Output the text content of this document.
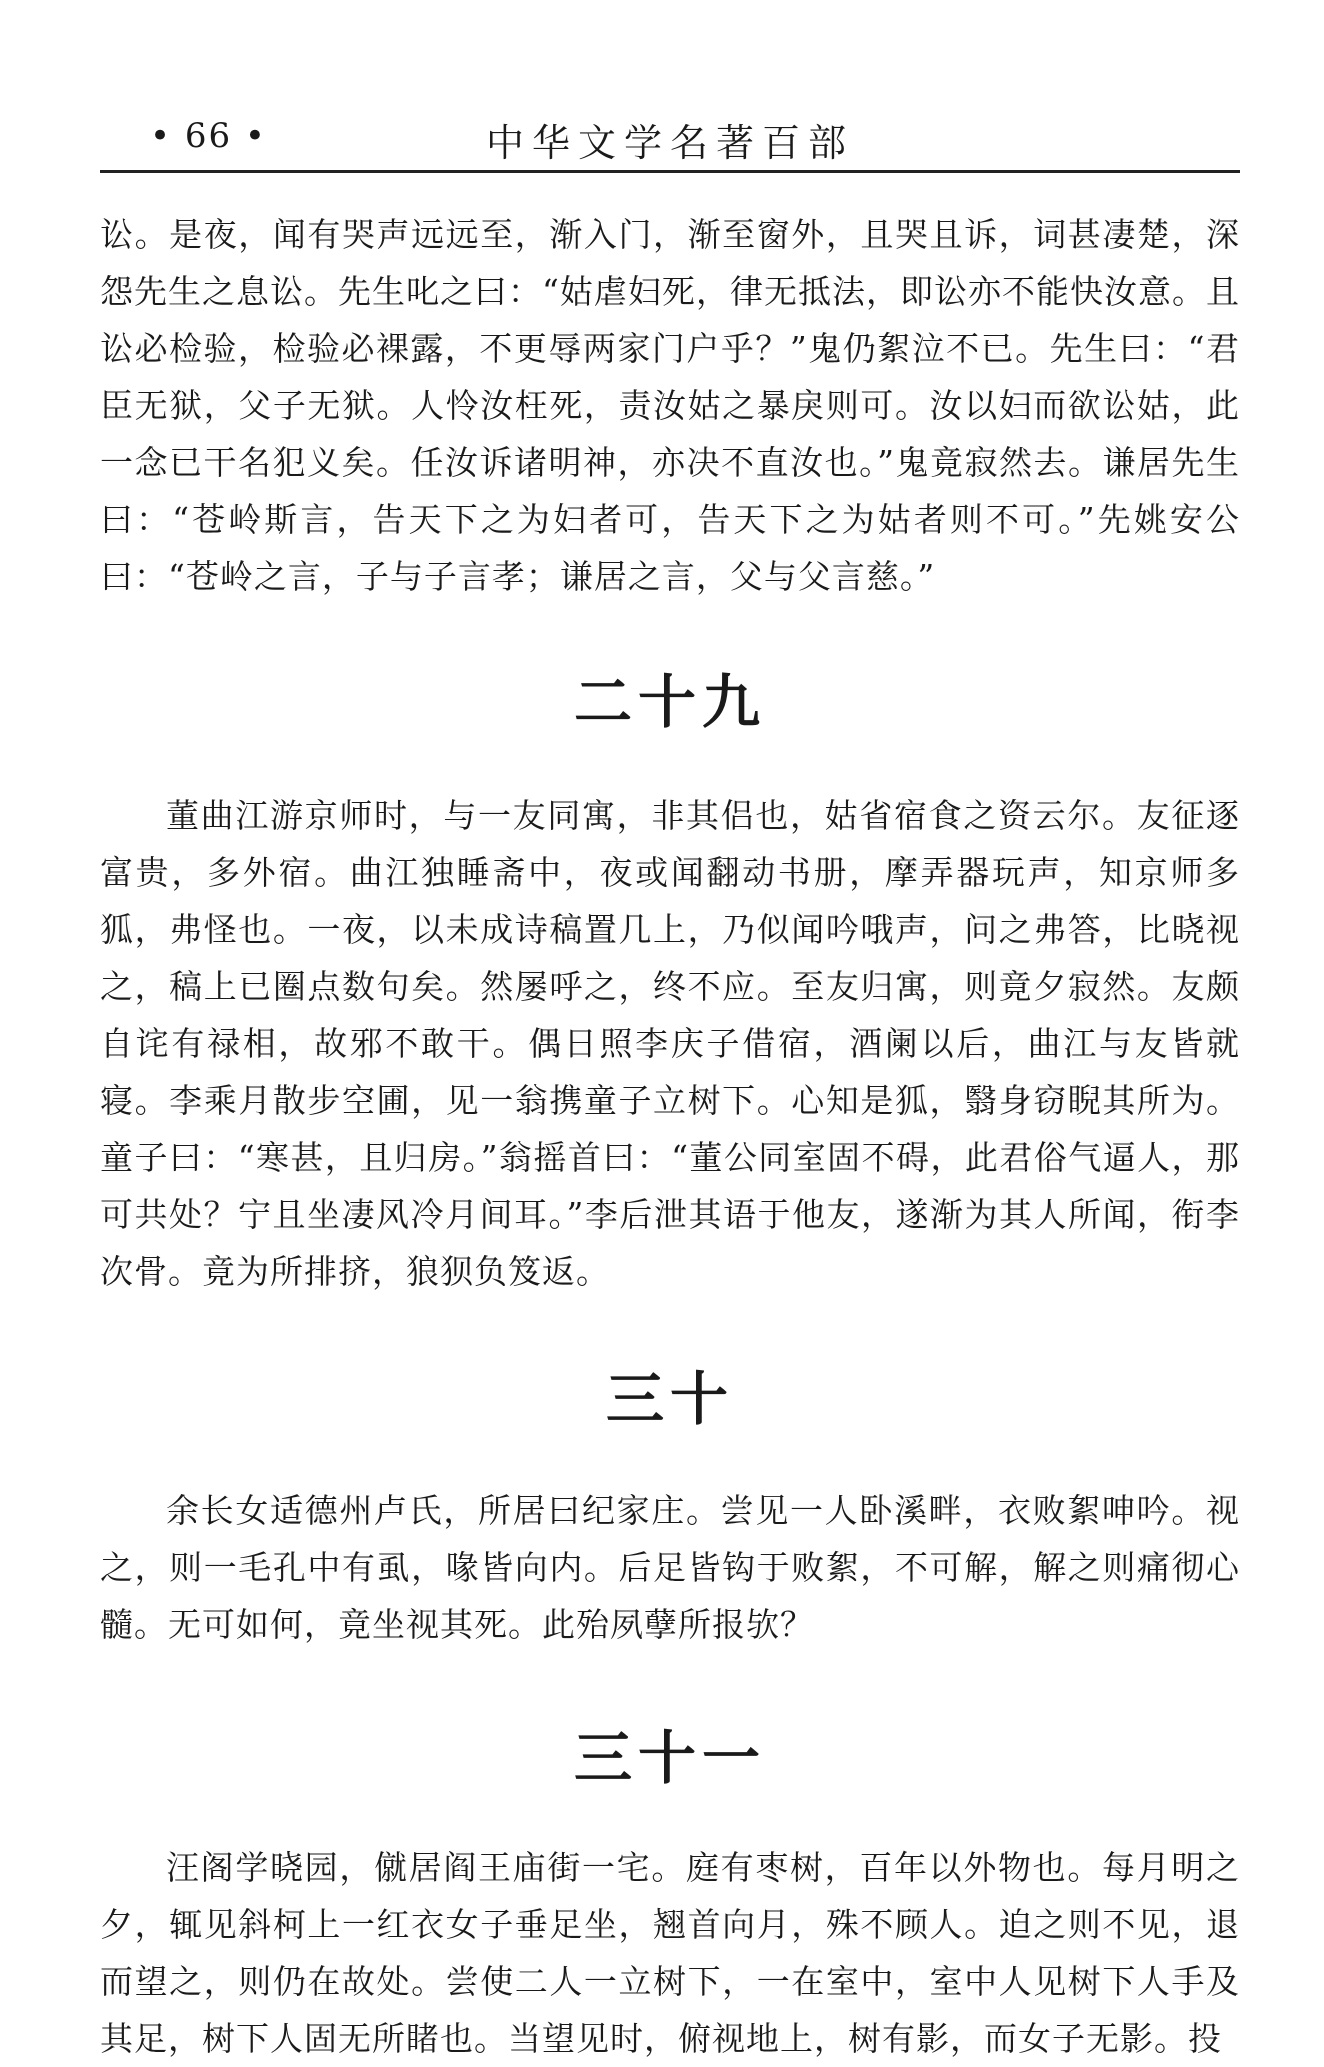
• 66 •	中华文学名著百部

讼。是夜，闻有哭声远远至，渐入门，渐至窗外，且哭且诉，词甚凄楚，深怨先生之息讼。先生叱之曰：“姑虐妇死，律无抵法，即讼亦不能快汝意。且讼必检验，检验必裸露，不更辱两家门户乎？”鬼仍絮泣不已。先生曰：“君臣无狱，父子无狱。人怜汝枉死，责汝姑之暴戾则可。汝以妇而欲讼姑，此一念已干名犯义矣。任汝诉诸明神，亦决不直汝也。”鬼竟寂然去。谦居先生曰：“苍岭斯言，告天下之为妇者可，告天下之为姑者则不可。”先姚安公曰：“苍岭之言，子与子言孝；谦居之言，父与父言慈。”

二十九

董曲江游京师时，与一友同寓，非其侣也，姑省宿食之资云尔。友征逐富贵，多外宿。曲江独睡斋中，夜或闻翻动书册，摩弄器玩声，知京师多狐，弗怪也。一夜，以未成诗稿置几上，乃似闻吟哦声，问之弗答，比晓视之，稿上已圈点数句矣。然屡呼之，终不应。至友归寓，则竟夕寂然。友颇自诧有禄相，故邪不敢干。偶日照李庆子借宿，酒阑以后，曲江与友皆就寝。李乘月散步空圃，见一翁携童子立树下。心知是狐，翳身窃睨其所为。童子曰：“寒甚，且归房。”翁摇首曰：“董公同室固不碍，此君俗气逼人，那可共处？宁且坐凄风冷月间耳。”李后泄其语于他友，遂渐为其人所闻，衔李次骨。竟为所排挤，狼狈负笈返。

三十

余长女适德州卢氏，所居曰纪家庄。尝见一人卧溪畔，衣败絮呻吟。视之，则一毛孔中有虱，喙皆向内。后足皆钩于败絮，不可解，解之则痛彻心髓。无可如何，竟坐视其死。此殆夙孽所报欤？

三十一

汪阁学晓园，僦居阎王庙街一宅。庭有枣树，百年以外物也。每月明之夕，辄见斜柯上一红衣女子垂足坐，翘首向月，殊不顾人。迫之则不见，退而望之，则仍在故处。尝使二人一立树下，一在室中，室中人见树下人手及其足，树下人固无所睹也。当望见时，俯视地上，树有影，而女子无影。投
